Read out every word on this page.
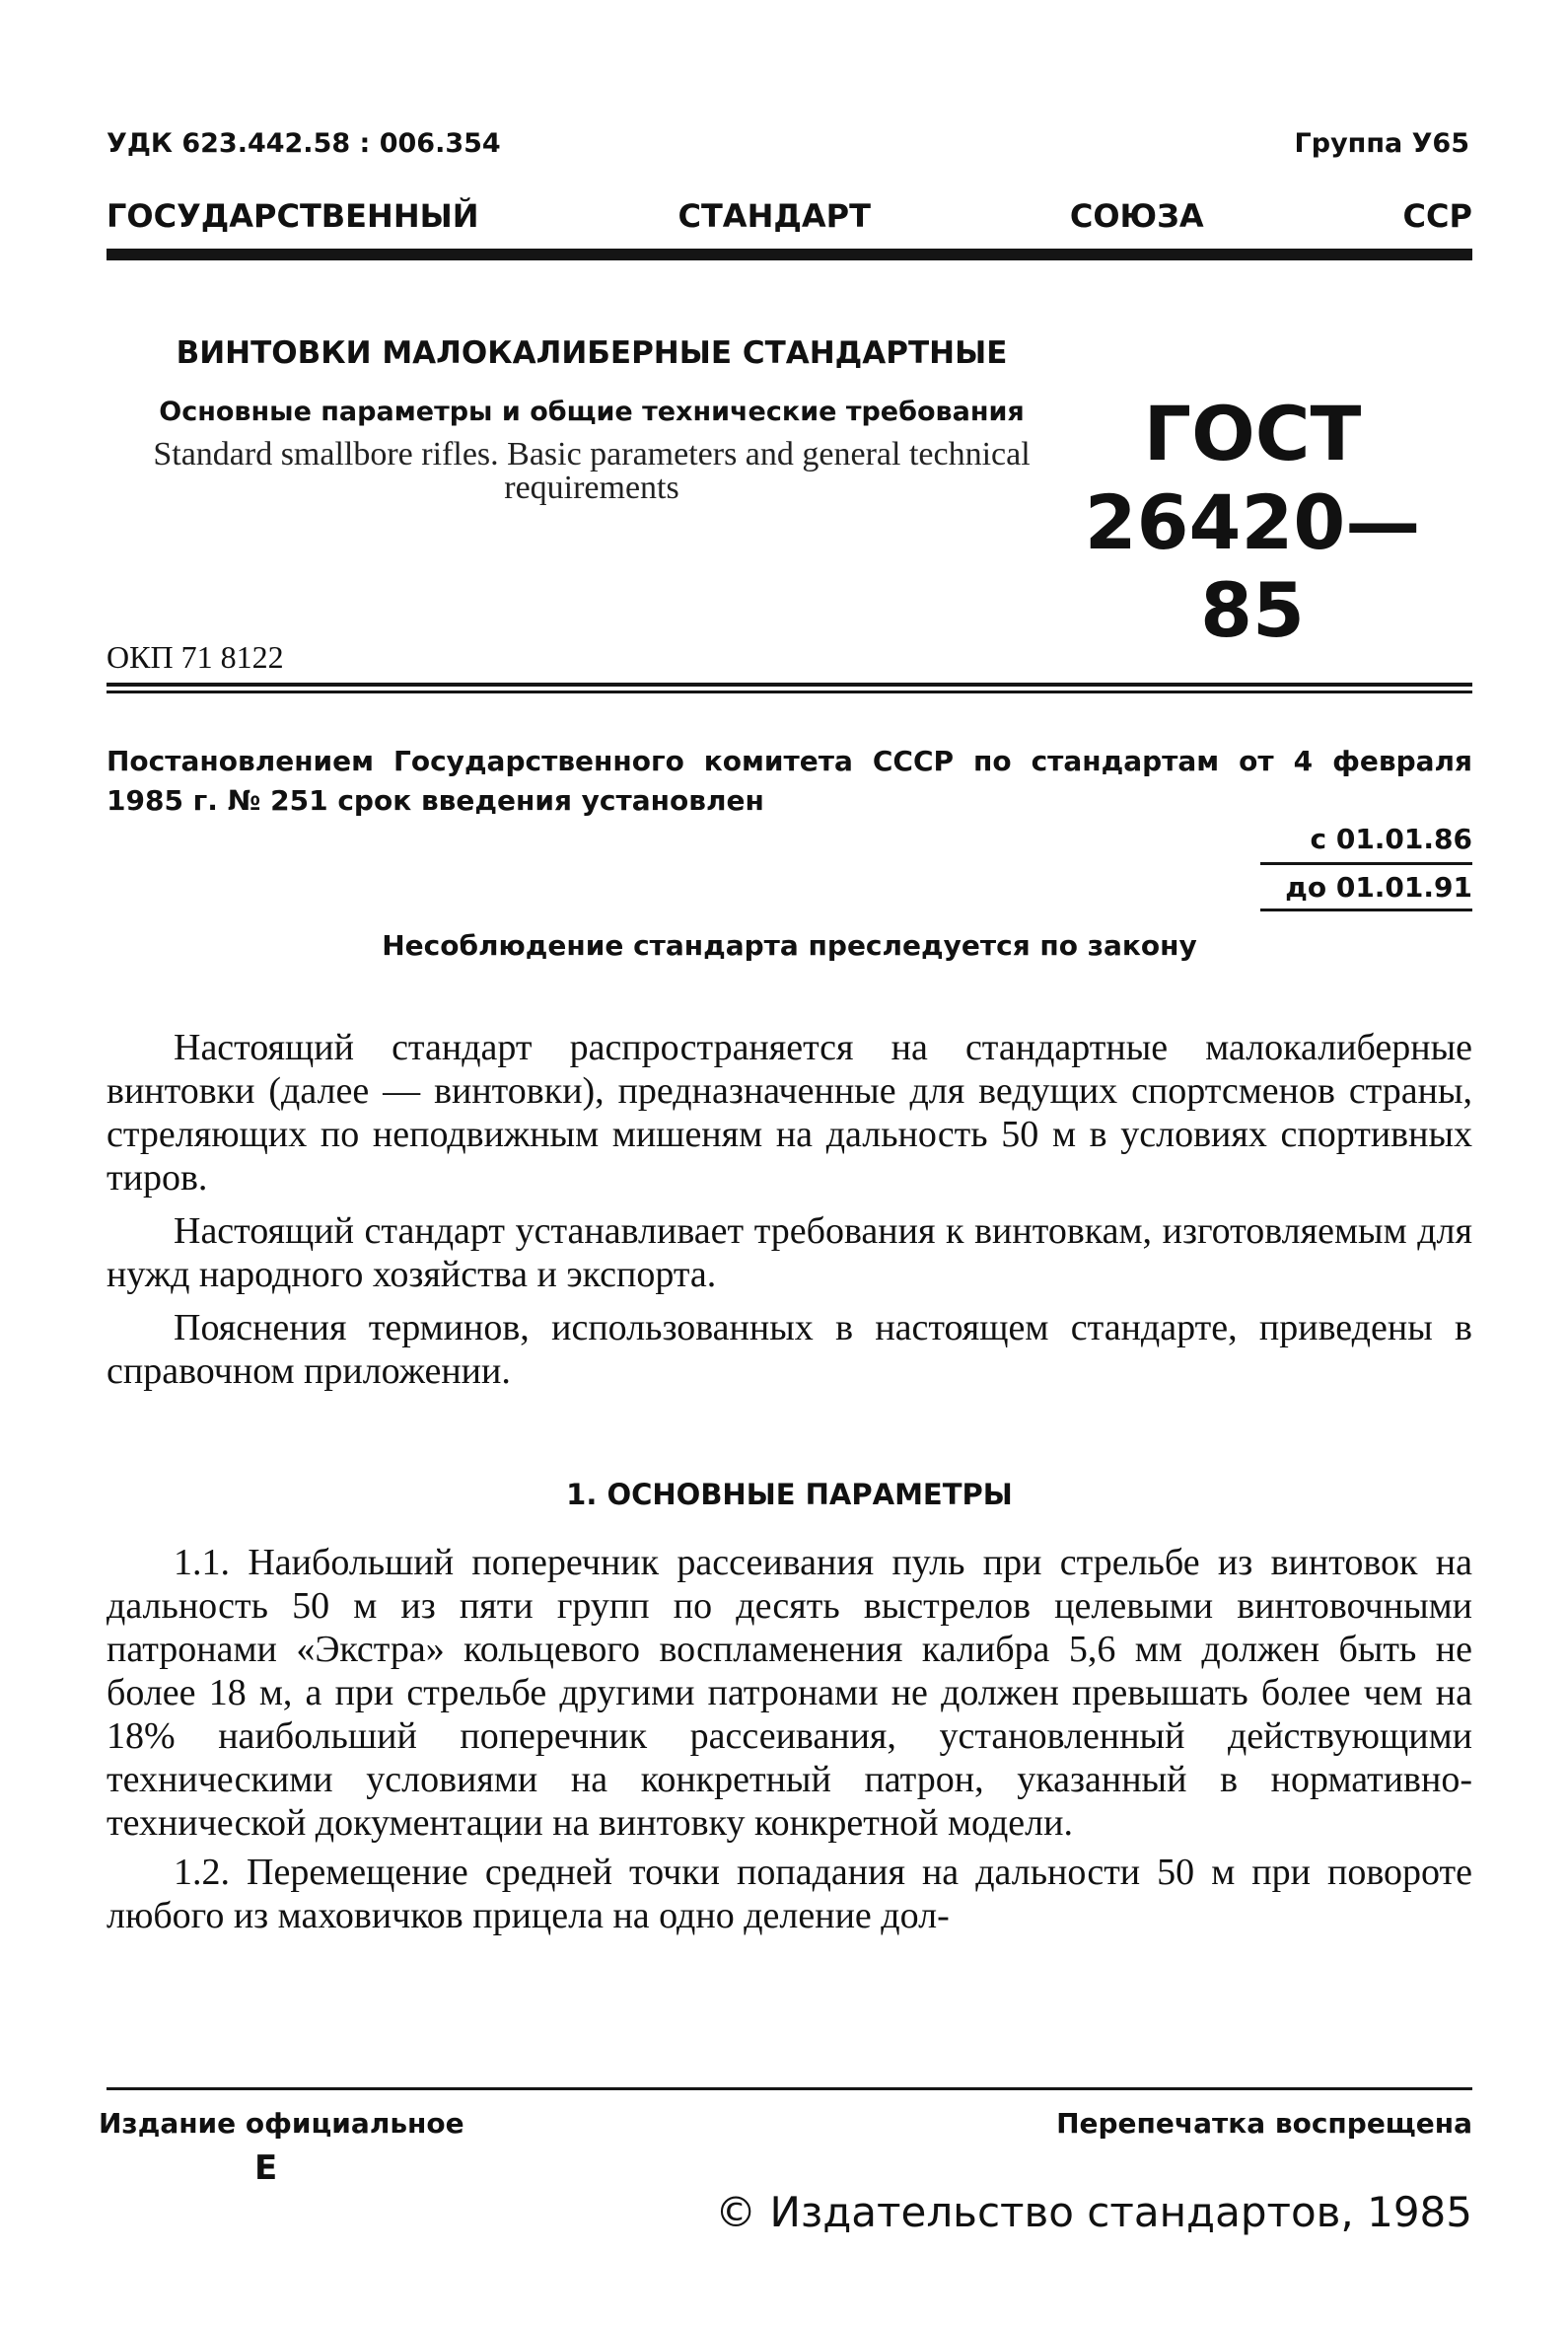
УДК 623.442.58 : 006.354	Группа У65
ГОСУДАРСТВЕННЫЙ	СТАНДАРТ	СОЮЗА	ССР
ВИНТОВКИ МАЛОКАЛИБЕРНЫЕ СТАНДАРТНЫЕ
Основные параметры и общие технические требования
Standard smallbore rifles. Basic parameters and general technical requirements
ГОСТ
26420—85
ОКП 71 8122
Постановлением Государственного комитета СССР по стандартам от 4 февраля 1985 г. № 251 срок введения установлен
с 01.01.86
до 01.01.91
Несоблюдение стандарта преследуется по закону

Настоящий стандарт распространяется на стандартные малокалиберные винтовки (далее — винтовки), предназначенные для ведущих спортсменов страны, стреляющих по неподвижным мишеням на дальность 50 м в условиях спортивных тиров.

Настоящий стандарт устанавливает требования к винтовкам, изготовляемым для нужд народного хозяйства и экспорта.

Пояснения терминов, использованных в настоящем стандарте, приведены в справочном приложении.

1. ОСНОВНЫЕ ПАРАМЕТРЫ

1.1. Наибольший поперечник рассеивания пуль при стрельбе из винтовок на дальность 50 м из пяти групп по десять выстрелов целевыми винтовочными патронами «Экстра» кольцевого воспламенения калибра 5,6 мм должен быть не более 18 м, а при стрельбе другими патронами не должен превышать более чем на 18% наибольший поперечник рассеивания, установленный действующими техническими условиями на конкретный патрон, указанный в нормативно-технической документации на винтовку конкретной модели.

1.2. Перемещение средней точки попадания на дальности 50 м при повороте любого из маховичков прицела на одно деление дол-

Издание официальное
Е
Перепечатка воспрещена
© Издательство стандартов, 1985
